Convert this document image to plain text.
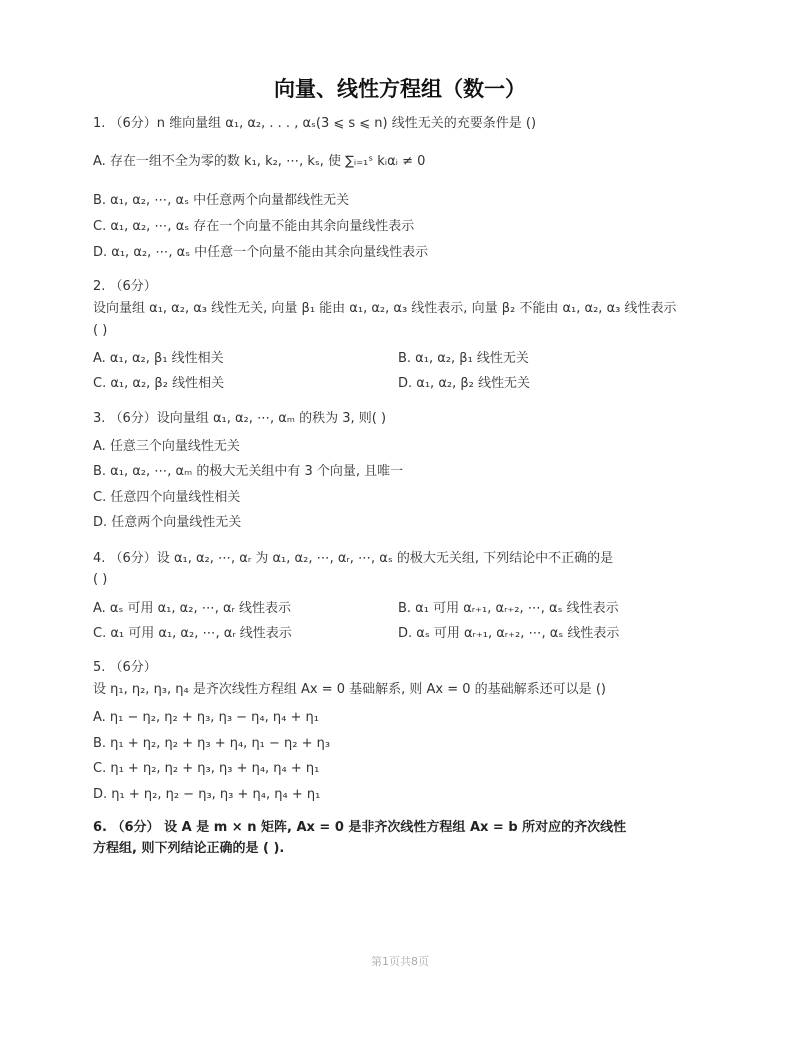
向量、线性方程组（数一）
1. （6分）n 维向量组 α₁, α₂, . . . , αₛ(3 ⩽ s ⩽ n) 线性无关的充要条件是 ()
A. 存在一组不全为零的数 k₁, k₂, ⋯, kₛ, 使 ∑ᵢ₌₁ˢ kᵢαᵢ ≠ 0
B. α₁, α₂, ⋯, αₛ 中任意两个向量都线性无关
C. α₁, α₂, ⋯, αₛ 存在一个向量不能由其余向量线性表示
D. α₁, α₂, ⋯, αₛ 中任意一个向量不能由其余向量线性表示
2. （6分）
设向量组 α₁, α₂, α₃ 线性无关, 向量 β₁ 能由 α₁, α₂, α₃ 线性表示, 向量 β₂ 不能由 α₁, α₂, α₃ 线性表示
( )
A. α₁, α₂, β₁ 线性相关	B. α₁, α₂, β₁ 线性无关
C. α₁, α₂, β₂ 线性相关	D. α₁, α₂, β₂ 线性无关
3. （6分）设向量组 α₁, α₂, ⋯, αₘ 的秩为 3, 则( )
A. 任意三个向量线性无关
B. α₁, α₂, ⋯, αₘ 的极大无关组中有 3 个向量, 且唯一
C. 任意四个向量线性相关
D. 任意两个向量线性无关
4. （6分）设 α₁, α₂, ⋯, αᵣ 为 α₁, α₂, ⋯, αᵣ, ⋯, αₛ 的极大无关组, 下列结论中不正确的是
( )
A. αₛ 可用 α₁, α₂, ⋯, αᵣ 线性表示	B. α₁ 可用 αᵣ₊₁, αᵣ₊₂, ⋯, αₛ 线性表示
C. α₁ 可用 α₁, α₂, ⋯, αᵣ 线性表示	D. αₛ 可用 αᵣ₊₁, αᵣ₊₂, ⋯, αₛ 线性表示
5. （6分）
设 η₁, η₂, η₃, η₄ 是齐次线性方程组 Ax = 0 基础解系, 则 Ax = 0 的基础解系还可以是 ()
A. η₁ − η₂, η₂ + η₃, η₃ − η₄, η₄ + η₁
B. η₁ + η₂, η₂ + η₃ + η₄, η₁ − η₂ + η₃
C. η₁ + η₂, η₂ + η₃, η₃ + η₄, η₄ + η₁
D. η₁ + η₂, η₂ − η₃, η₃ + η₄, η₄ + η₁
6. （6分） 设 A 是 m × n 矩阵, Ax = 0 是非齐次线性方程组 Ax = b 所对应的齐次线性
方程组, 则下列结论正确的是 ( ).
第1页共8页
